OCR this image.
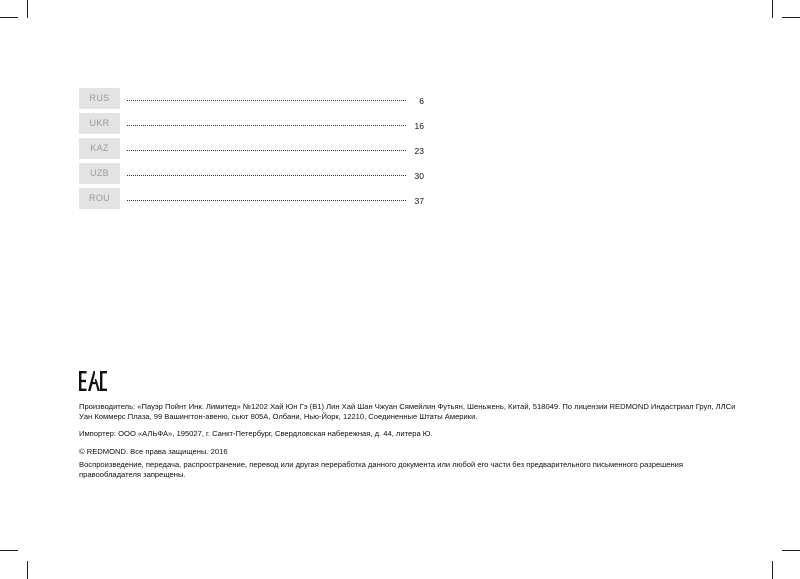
RUS	6
UKR	16
KAZ	23
UZB	30
ROU	37

Производитель: «Пауэр Пойнт Инк. Лимитед» №1202 Хай Юн Гэ (B1) Лин Хай Шан Чжуан Сямейлин Футьян, Шеньжень, Китай, 518049. По лицензии REDMOND Индастриал Груп, ЛЛСи Уан Коммерс Плаза, 99 Вашингтон-авеню, сьют 805А, Олбани, Нью-Йорк, 12210, Соединенные Штаты Америки.

Импортер: ООО «АЛЬФА», 195027, г. Санкт-Петербург, Свердловская набережная, д. 44, литера Ю.

© REDMOND. Все права защищены. 2016

Воспроизведение, передача, распространение, перевод или другая переработка данного документа или любой его части без предварительного письменного разрешения правообладателя запрещены.
